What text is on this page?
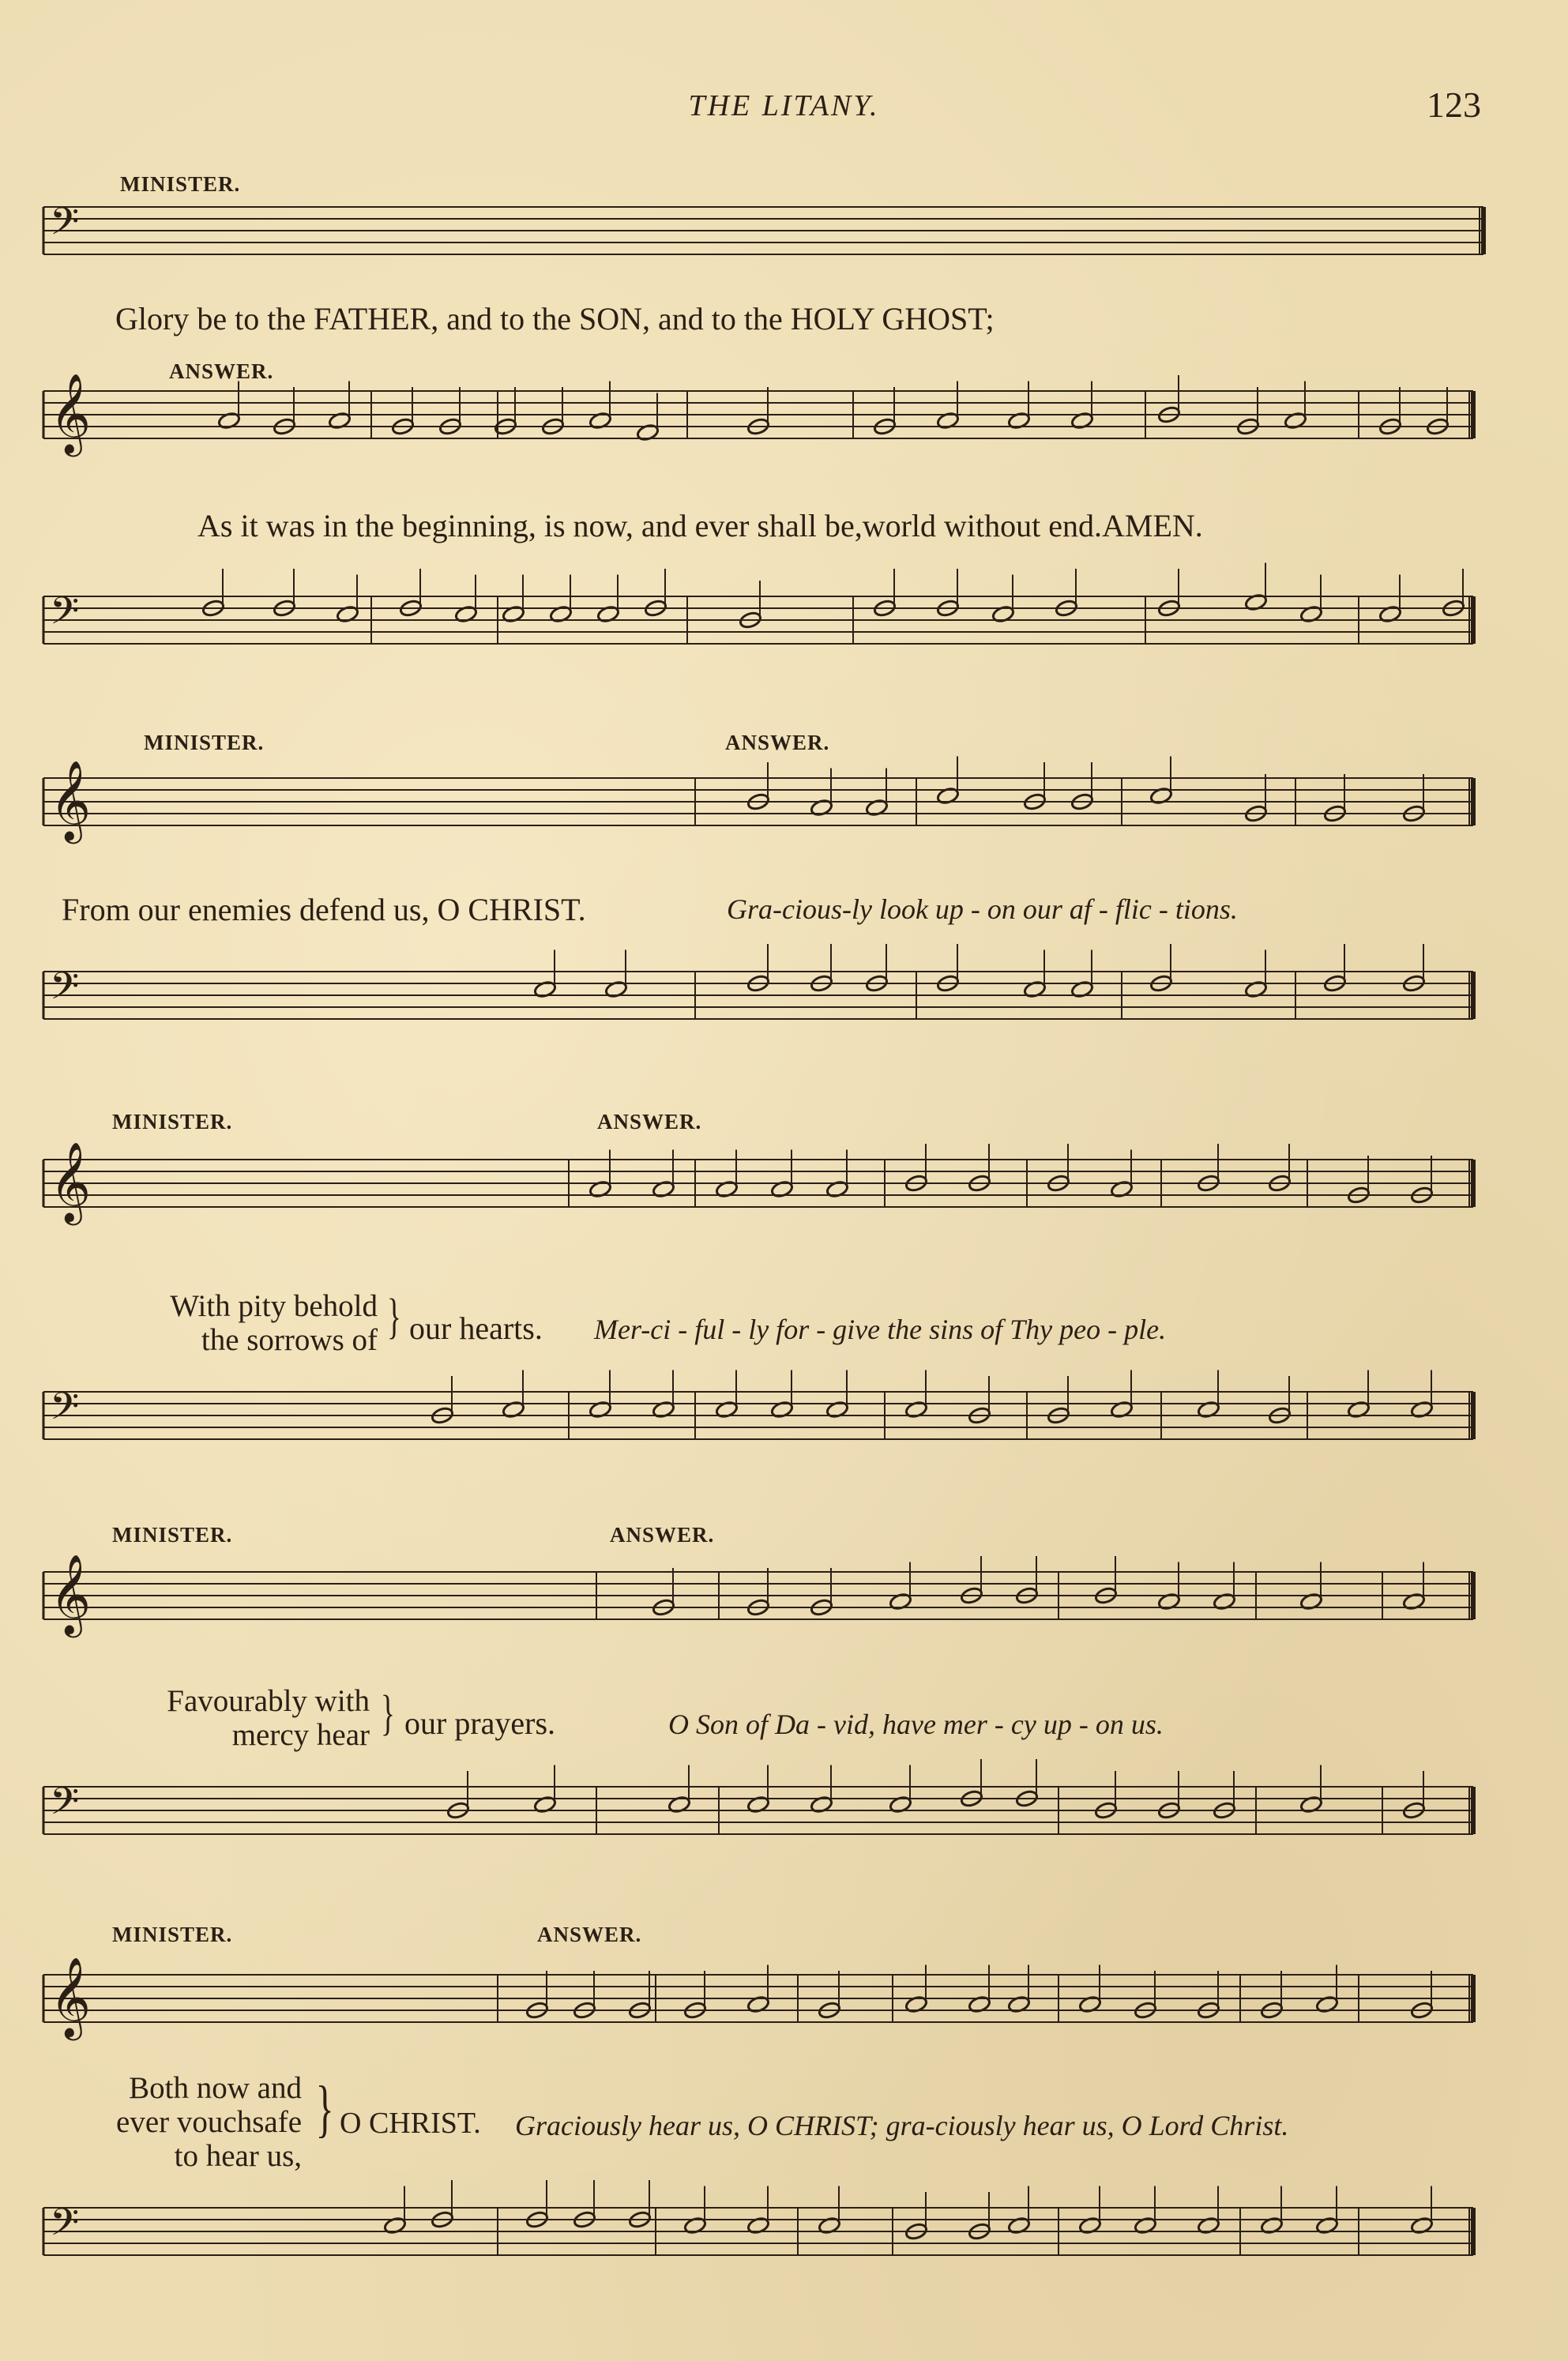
THE LITANY.	123
𝄢
𝄞
𝄢
𝄞
𝄢
𝄞
𝄢
𝄞
𝄢
𝄞
𝄢
MINISTER.
Glory be to the FATHER, and to the SON, and to the HOLY GHOST;
ANSWER.
As it was in the beginning, is now, and ever shall be,world without end.AMEN.
MINISTER.	ANSWER.
From our enemies defend us, O CHRIST.	Gra-cious-ly look up - on our af - flic - tions.
MINISTER.	ANSWER.
With pity behold
the sorrows of } our hearts. Mer-ci - ful - ly for - give the sins of Thy peo - ple.
MINISTER.	ANSWER.
Favourably with
mercy hear } our prayers.	O Son of Da - vid, have mer - cy up - on us.
MINISTER.	ANSWER.
Both now and
ever vouchsafe
to hear us,
} O CHRIST. Graciously hear us, O CHRIST; gra-ciously hear us, O Lord Christ.
